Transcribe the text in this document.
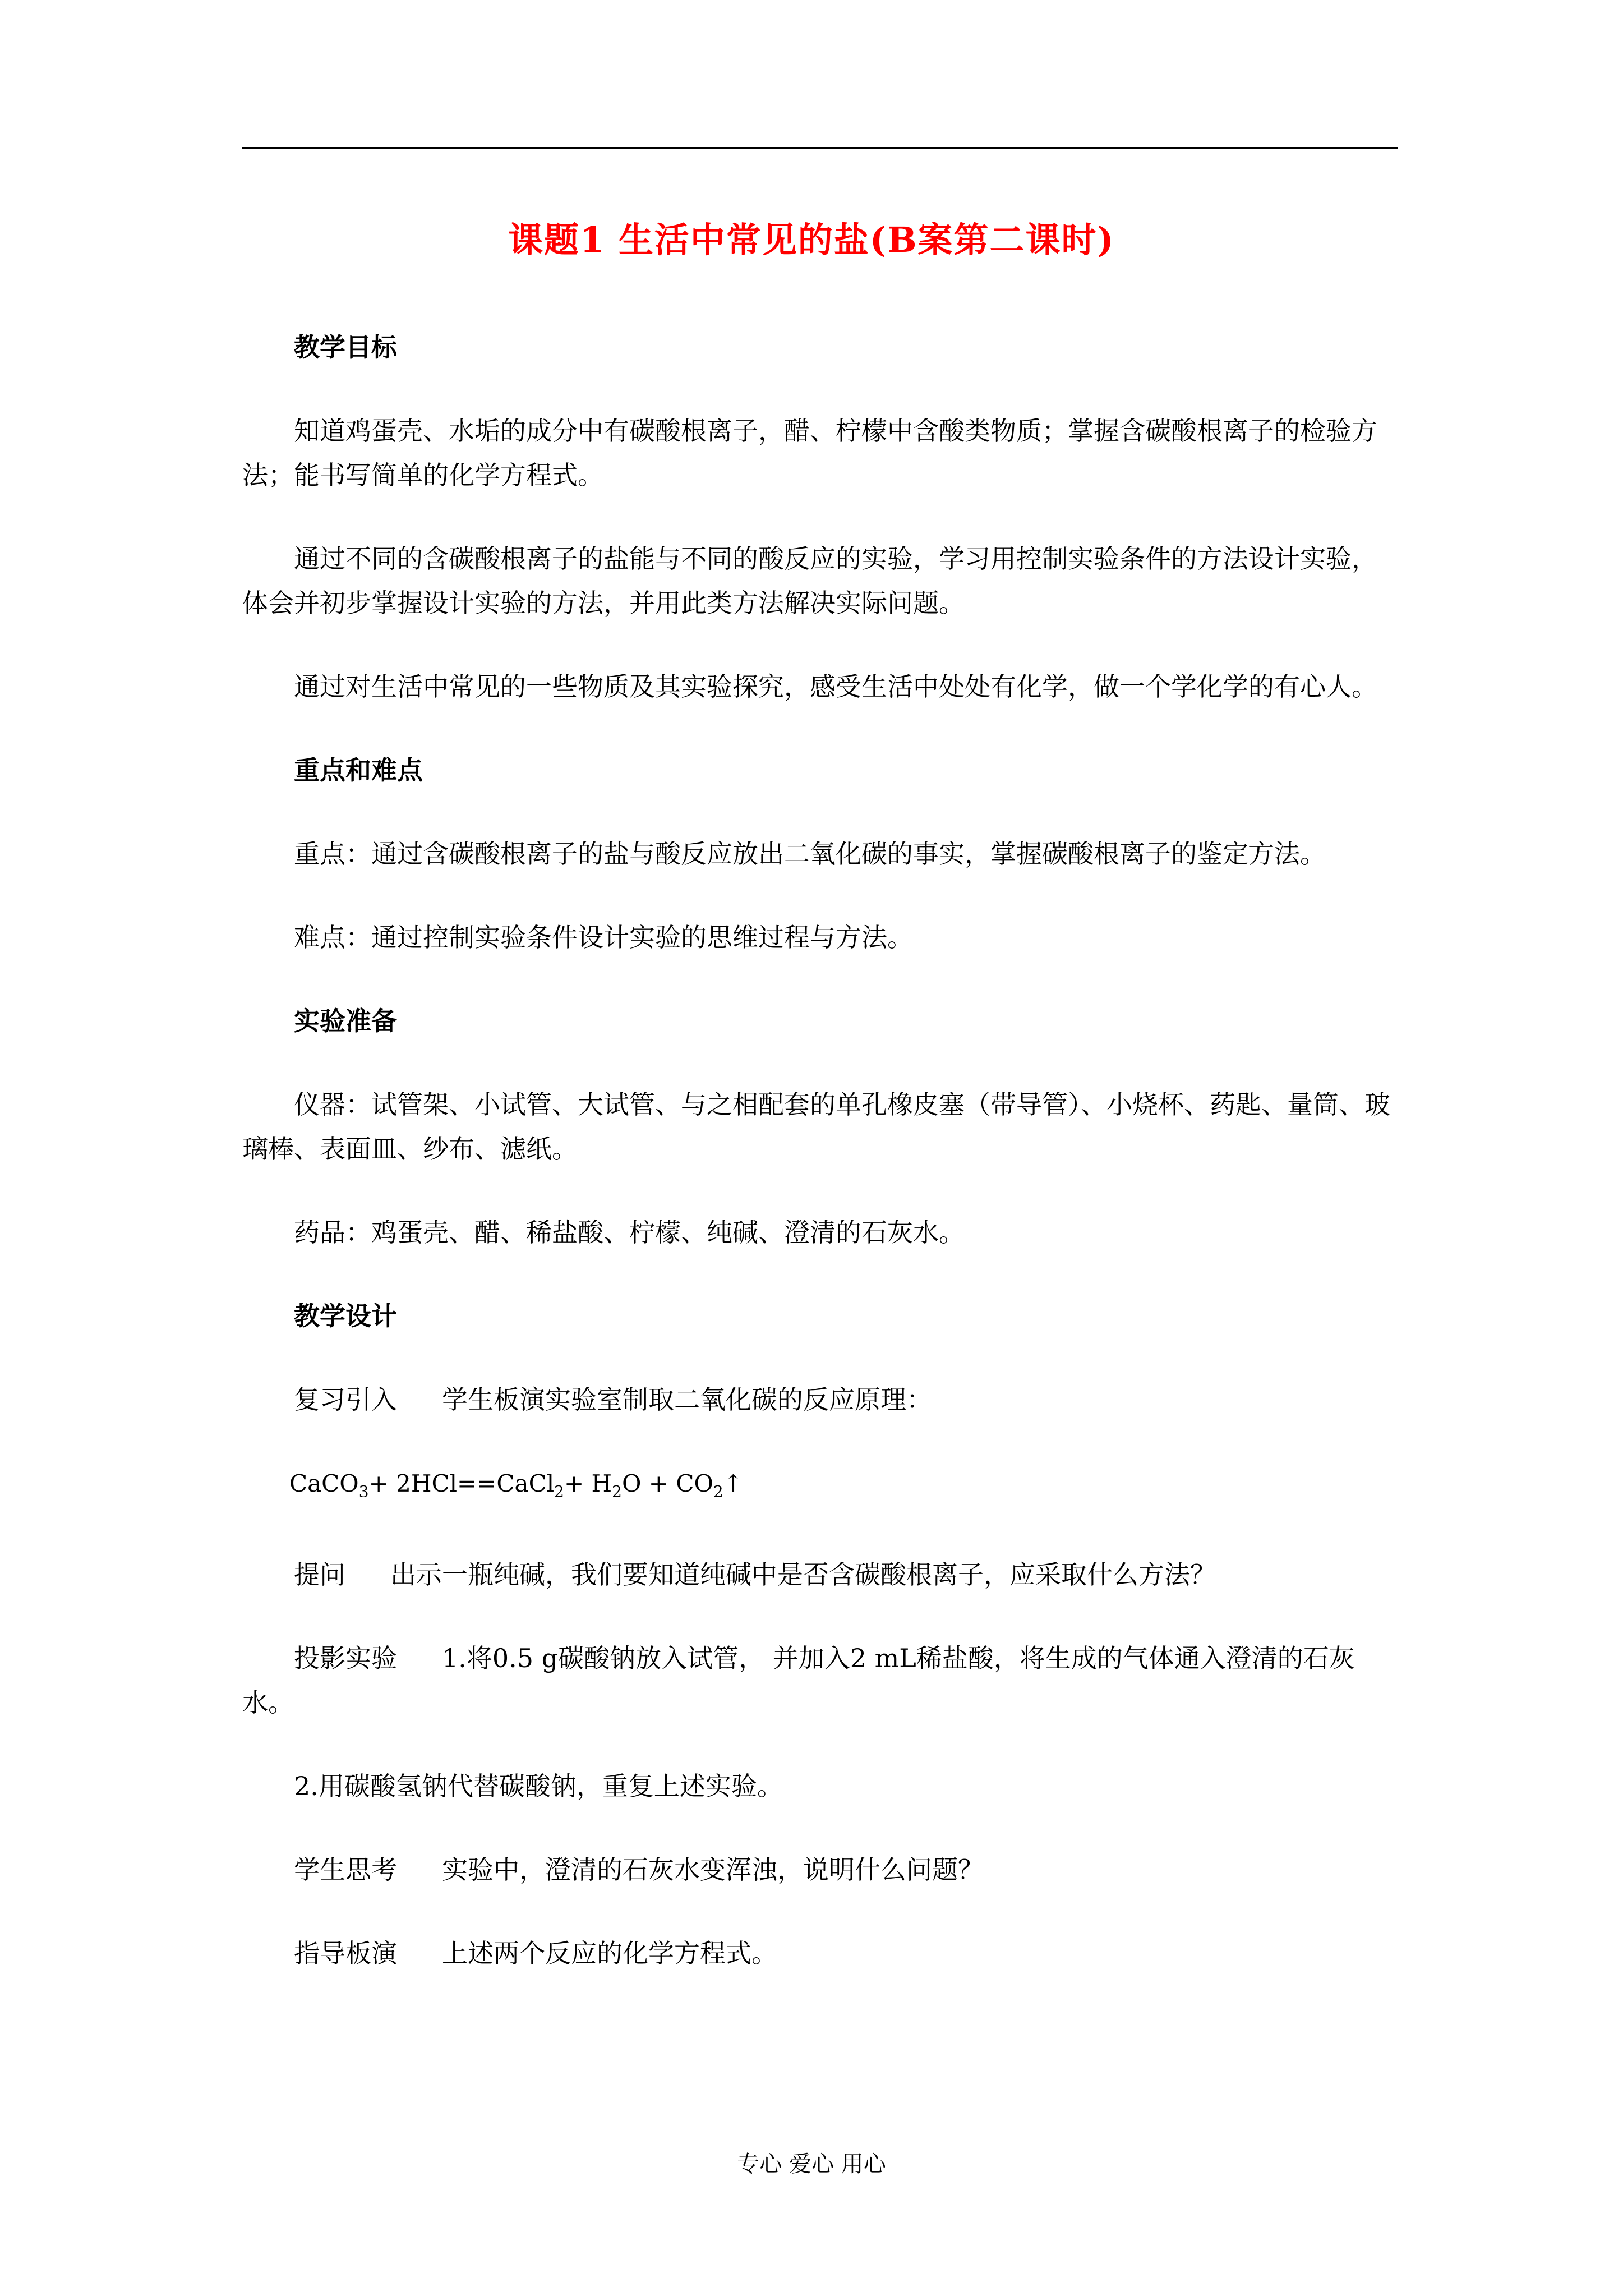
课题1 生活中常见的盐(B案第二课时)

教学目标

知道鸡蛋壳、水垢的成分中有碳酸根离子，醋、柠檬中含酸类物质；掌握含碳酸根离子的检验方法；能书写简单的化学方程式。

通过不同的含碳酸根离子的盐能与不同的酸反应的实验，学习用控制实验条件的方法设计实验，体会并初步掌握设计实验的方法，并用此类方法解决实际问题。

通过对生活中常见的一些物质及其实验探究，感受生活中处处有化学，做一个学化学的有心人。

重点和难点

重点：通过含碳酸根离子的盐与酸反应放出二氧化碳的事实，掌握碳酸根离子的鉴定方法。

难点：通过控制实验条件设计实验的思维过程与方法。

实验准备

仪器：试管架、小试管、大试管、与之相配套的单孔橡皮塞（带导管）、小烧杯、药匙、量筒、玻璃棒、表面皿、纱布、滤纸。

药品：鸡蛋壳、醋、稀盐酸、柠檬、纯碱、澄清的石灰水。

教学设计

复习引入 学生板演实验室制取二氧化碳的反应原理：

CaCO$_3$+ 2HCl==CaCl$_2$+ $H_2O$ + $CO_2↑$

提问 出示一瓶纯碱，我们要知道纯碱中是否含碳酸根离子，应采取什么方法？

投影实验 1.将0.5 g碳酸钠放入试管， 并加入2 mL稀盐酸，将生成的气体通入澄清的石灰水。

2.用碳酸氢钠代替碳酸钠，重复上述实验。

学生思考 实验中，澄清的石灰水变浑浊，说明什么问题？

指导板演 上述两个反应的化学方程式。

专心 爱心 用心
